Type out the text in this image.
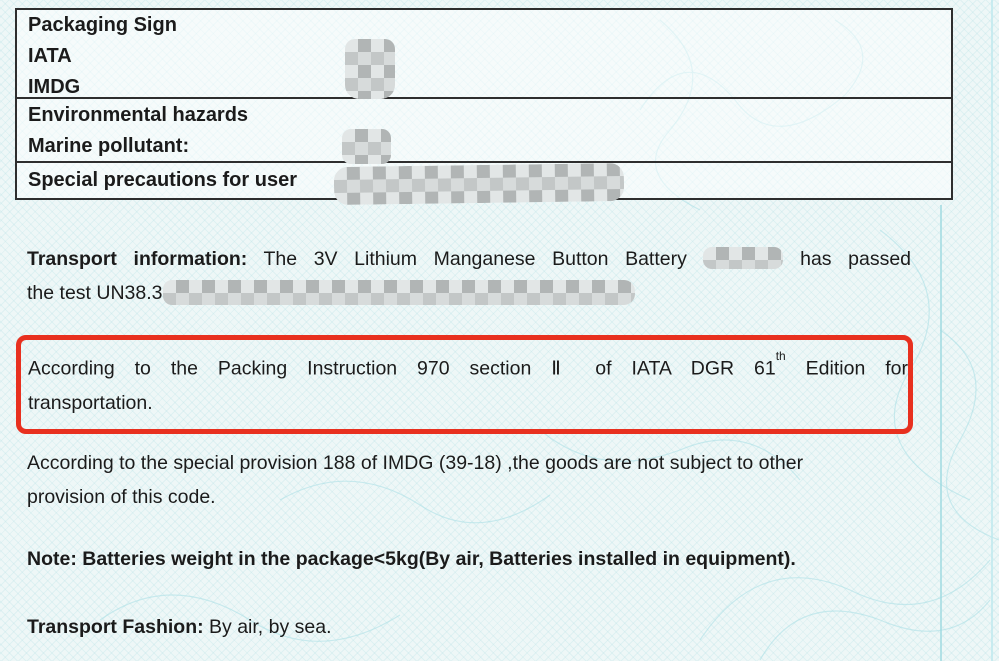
Packaging Sign
IATA
IMDG
Environmental hazards
Marine pollutant:
Special precautions for user
Transport information: The 3V Lithium Manganese Button Battery	has passed
the test UN38.3
According to the Packing Instruction 970 section Ⅱ of IATA DGR 61th Edition for
transportation.
According to the special provision 188 of IMDG (39-18) ,the goods are not subject to other
provision of this code.
Note: Batteries weight in the package<5kg(By air, Batteries installed in equipment).
Transport Fashion: By air, by sea.
